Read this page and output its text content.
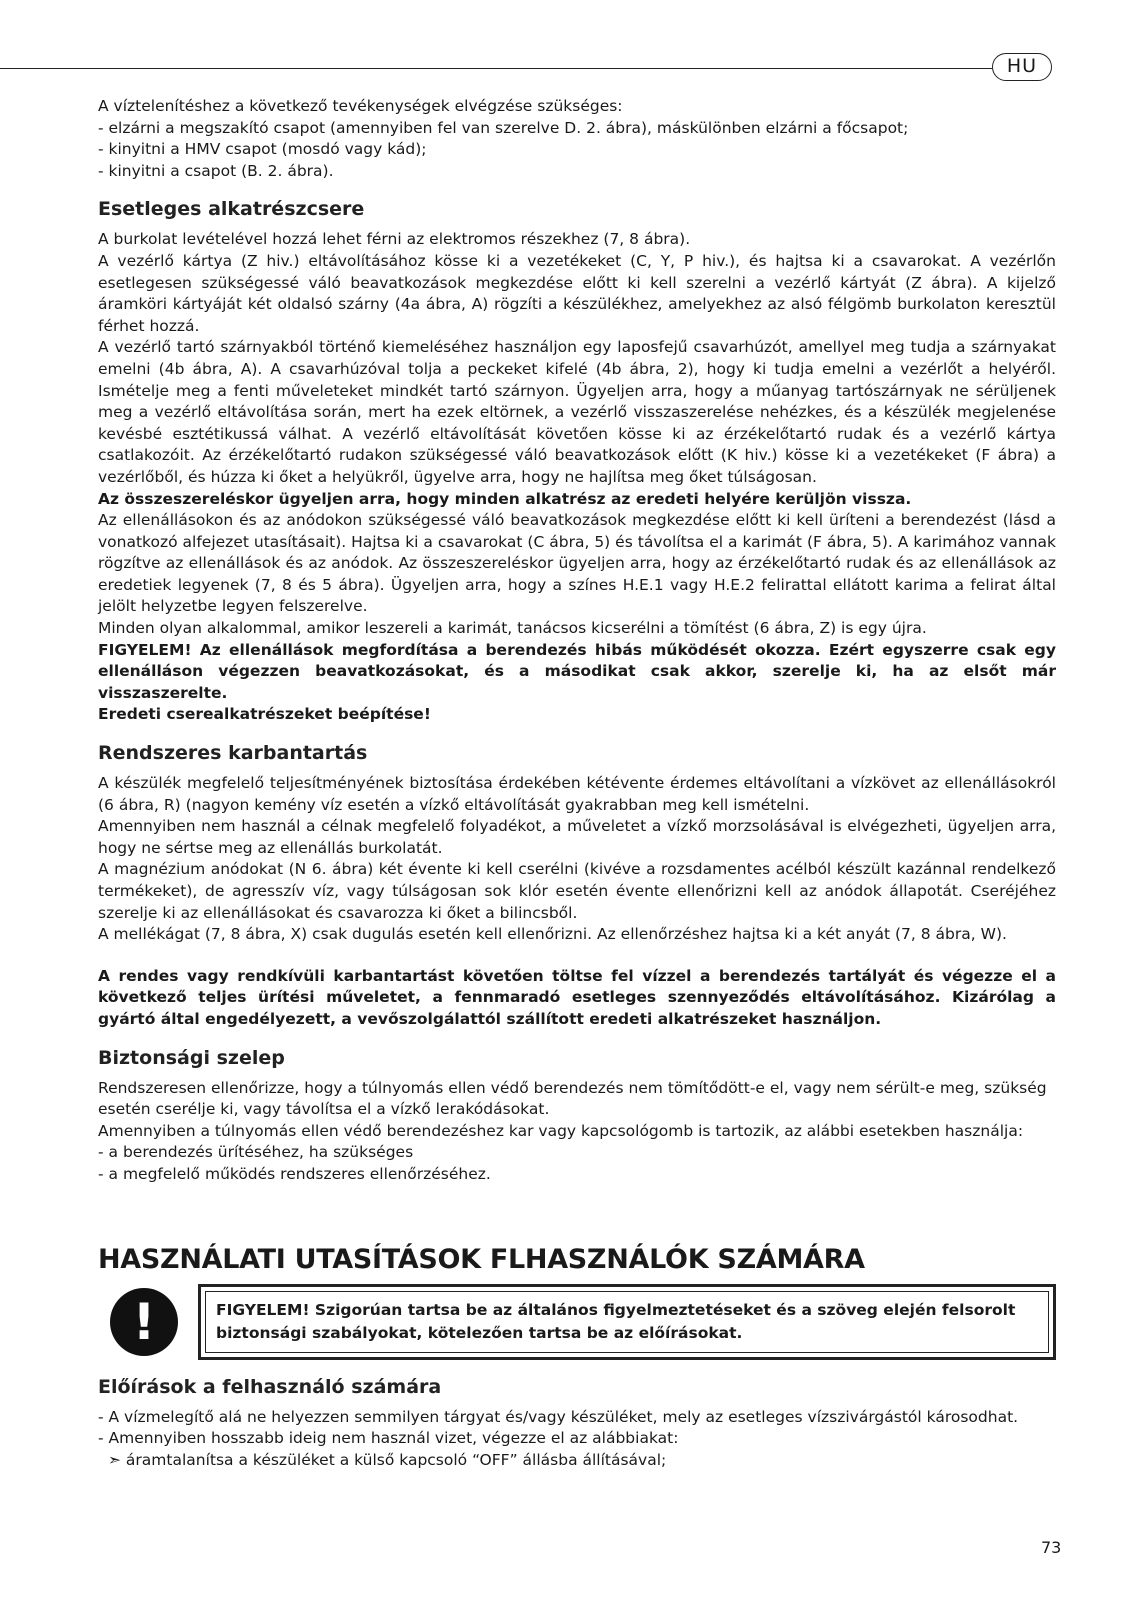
HU

A víztelenítéshez a következő tevékenységek elvégzése szükséges:

- elzárni a megszakító csapot (amennyiben fel van szerelve D. 2. ábra), máskülönben elzárni a főcsapot;

- kinyitni a HMV csapot (mosdó vagy kád);

- kinyitni a csapot (B. 2. ábra).

Esetleges alkatrészcsere

A burkolat levételével hozzá lehet férni az elektromos részekhez (7, 8 ábra).

A vezérlő kártya (Z hiv.) eltávolításához kösse ki a vezetékeket (C, Y, P hiv.), és hajtsa ki a csavarokat. A vezérlőn esetlegesen szükségessé váló beavatkozások megkezdése előtt ki kell szerelni a vezérlő kártyát (Z ábra). A kijelző áramköri kártyáját két oldalsó szárny (4a ábra, A) rögzíti a készülékhez, amelyekhez az alsó félgömb burkolaton keresztül férhet hozzá.

A vezérlő tartó szárnyakból történő kiemeléséhez használjon egy laposfejű csavarhúzót, amellyel meg tudja a szárnyakat emelni (4b ábra, A). A csavarhúzóval tolja a peckeket kifelé (4b ábra, 2), hogy ki tudja emelni a vezérlőt a helyéről. Ismételje meg a fenti műveleteket mindkét tartó szárnyon. Ügyeljen arra, hogy a műanyag tartószárnyak ne sérüljenek meg a vezérlő eltávolítása során, mert ha ezek eltörnek, a vezérlő visszaszerelése nehézkes, és a készülék megjelenése kevésbé esztétikussá válhat. A vezérlő eltávolítását követően kösse ki az érzékelőtartó rudak és a vezérlő kártya csatlakozóit. Az érzékelőtartó rudakon szükségessé váló beavatkozások előtt (K hiv.) kösse ki a vezetékeket (F ábra) a vezérlőből, és húzza ki őket a helyükről, ügyelve arra, hogy ne hajlítsa meg őket túlságosan.

Az összeszereléskor ügyeljen arra, hogy minden alkatrész az eredeti helyére kerüljön vissza.

Az ellenállásokon és az anódokon szükségessé váló beavatkozások megkezdése előtt ki kell üríteni a berendezést (lásd a vonatkozó alfejezet utasításait). Hajtsa ki a csavarokat (C ábra, 5) és távolítsa el a karimát (F ábra, 5). A karimához vannak rögzítve az ellenállások és az anódok. Az összeszereléskor ügyeljen arra, hogy az érzékelőtartó rudak és az ellenállások az eredetiek legyenek (7, 8 és 5 ábra). Ügyeljen arra, hogy a színes H.E.1 vagy H.E.2 felirattal ellátott karima a felirat által jelölt helyzetbe legyen felszerelve.

Minden olyan alkalommal, amikor leszereli a karimát, tanácsos kicserélni a tömítést (6 ábra, Z) is egy újra.

FIGYELEM! Az ellenállások megfordítása a berendezés hibás működését okozza. Ezért egyszerre csak egy ellenálláson végezzen beavatkozásokat, és a másodikat csak akkor, szerelje ki, ha az elsőt már visszaszerelte.

Eredeti cserealkatrészeket beépítése!

Rendszeres karbantartás

A készülék megfelelő teljesítményének biztosítása érdekében kétévente érdemes eltávolítani a vízkövet az ellenállásokról (6 ábra, R) (nagyon kemény víz esetén a vízkő eltávolítását gyakrabban meg kell ismételni.

Amennyiben nem használ a célnak megfelelő folyadékot, a műveletet a vízkő morzsolásával is elvégezheti, ügyeljen arra, hogy ne sértse meg az ellenállás burkolatát.

A magnézium anódokat (N 6. ábra) két évente ki kell cserélni (kivéve a rozsdamentes acélból készült kazánnal rendelkező termékeket), de agresszív víz, vagy túlságosan sok klór esetén évente ellenőrizni kell az anódok állapotát. Cseréjéhez szerelje ki az ellenállásokat és csavarozza ki őket a bilincsből.

A mellékágat (7, 8 ábra, X) csak dugulás esetén kell ellenőrizni. Az ellenőrzéshez hajtsa ki a két anyát (7, 8 ábra, W).

A rendes vagy rendkívüli karbantartást követően töltse fel vízzel a berendezés tartályát és végezze el a következő teljes ürítési műveletet, a fennmaradó esetleges szennyeződés eltávolításához. Kizárólag a gyártó által engedélyezett, a vevőszolgálattól szállított eredeti alkatrészeket használjon.

Biztonsági szelep

Rendszeresen ellenőrizze, hogy a túlnyomás ellen védő berendezés nem tömítődött-e el, vagy nem sérült-e meg, szükség esetén cserélje ki, vagy távolítsa el a vízkő lerakódásokat.

Amennyiben a túlnyomás ellen védő berendezéshez kar vagy kapcsológomb is tartozik, az alábbi esetekben használja:

- a berendezés ürítéséhez, ha szükséges

- a megfelelő működés rendszeres ellenőrzéséhez.

HASZNÁLATI UTASÍTÁSOK FLHASZNÁLÓK SZÁMÁRA
!	FIGYELEM! Szigorúan tartsa be az általános figyelmeztetéseket és a szöveg elején felsorolt biztonsági szabályokat, kötelezően tartsa be az előírásokat.
Előírások a felhasználó számára

- A vízmelegítő alá ne helyezzen semmilyen tárgyat és/vagy készüléket, mely az esetleges vízszivárgástól károsodhat.

- Amennyiben hosszabb ideig nem használ vizet, végezze el az alábbiakat:

➣ áramtalanítsa a készüléket a külső kapcsoló “OFF” állásba állításával;

73
